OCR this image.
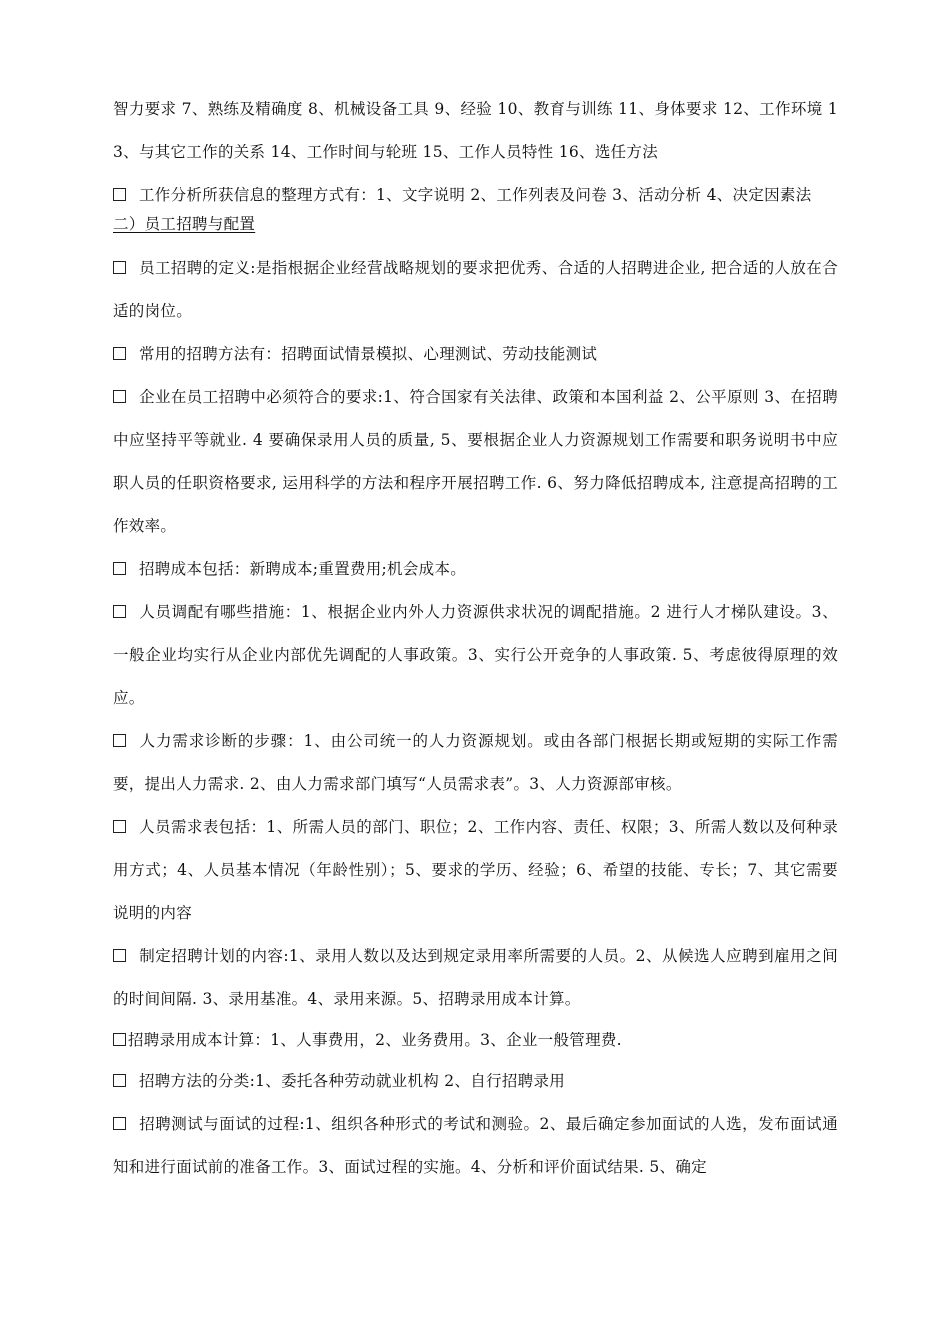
智力要求 7、熟练及精确度 8、机械设备工具 9、经验 10、教育与训练 11、身体要求 12、工作环境 13、与其它工作的关系 14、工作时间与轮班 15、工作人员特性 16、选任方法

工作分析所获信息的整理方式有：1、文字说明 2、工作列表及问卷 3、活动分析 4、决定因素法

二）员工招聘与配置

员工招聘的定义:是指根据企业经营战略规划的要求把优秀、合适的人招聘进企业, 把合适的人放在合适的岗位。

常用的招聘方法有：招聘面试情景模拟、心理测试、劳动技能测试

企业在员工招聘中必须符合的要求:1、符合国家有关法律、政策和本国利益 2、公平原则 3、在招聘中应坚持平等就业. 4 要确保录用人员的质量, 5、要根据企业人力资源规划工作需要和职务说明书中应职人员的任职资格要求, 运用科学的方法和程序开展招聘工作. 6、努力降低招聘成本, 注意提高招聘的工作效率。

招聘成本包括：新聘成本;重置费用;机会成本。

人员调配有哪些措施：1、根据企业内外人力资源供求状况的调配措施。2 进行人才梯队建设。3、一般企业均实行从企业内部优先调配的人事政策。3、实行公开竞争的人事政策. 5、考虑彼得原理的效应。

人力需求诊断的步骤：1、由公司统一的人力资源规划。或由各部门根据长期或短期的实际工作需要，提出人力需求. 2、由人力需求部门填写“人员需求表”。3、人力资源部审核。

人员需求表包括：1、所需人员的部门、职位；2、工作内容、责任、权限；3、所需人数以及何种录用方式；4、人员基本情况（年龄性别）；5、要求的学历、经验；6、希望的技能、专长；7、其它需要说明的内容

制定招聘计划的内容:1、录用人数以及达到规定录用率所需要的人员。2、从候选人应聘到雇用之间的时间间隔. 3、录用基准。4、录用来源。5、招聘录用成本计算。

招聘录用成本计算：1、人事费用，2、业务费用。3、企业一般管理费.

招聘方法的分类:1、委托各种劳动就业机构 2、自行招聘录用

招聘测试与面试的过程:1、组织各种形式的考试和测验。2、最后确定参加面试的人选，发布面试通知和进行面试前的准备工作。3、面试过程的实施。4、分析和评价面试结果. 5、确定
